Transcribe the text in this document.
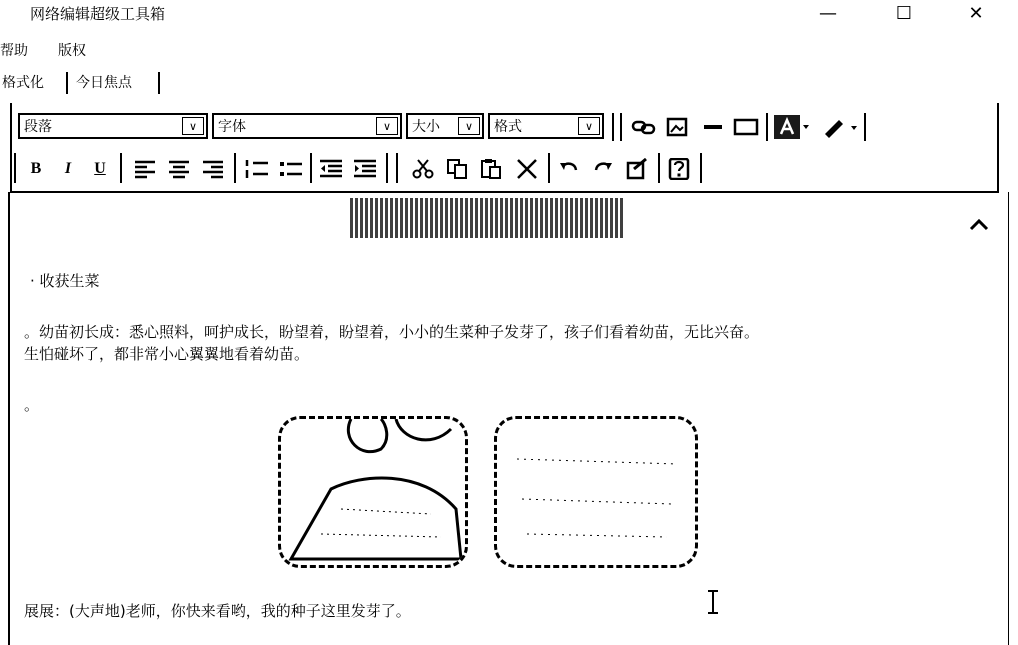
网络编辑超级工具箱	—	☐	✕
帮助 版权
格式化 今日焦点
段落	∨	字体	∨	大小	∨	格式	∨
B	I	U
· 收获生菜
。幼苗初长成：悉心照料，呵护成长，盼望着，盼望着，小小的生菜种子发芽了，孩子们看着幼苗，无比兴奋。
生怕碰坏了，都非常小心翼翼地看着幼苗。
。
展展：(大声地)老师，你快来看哟，我的种子这里发芽了。
